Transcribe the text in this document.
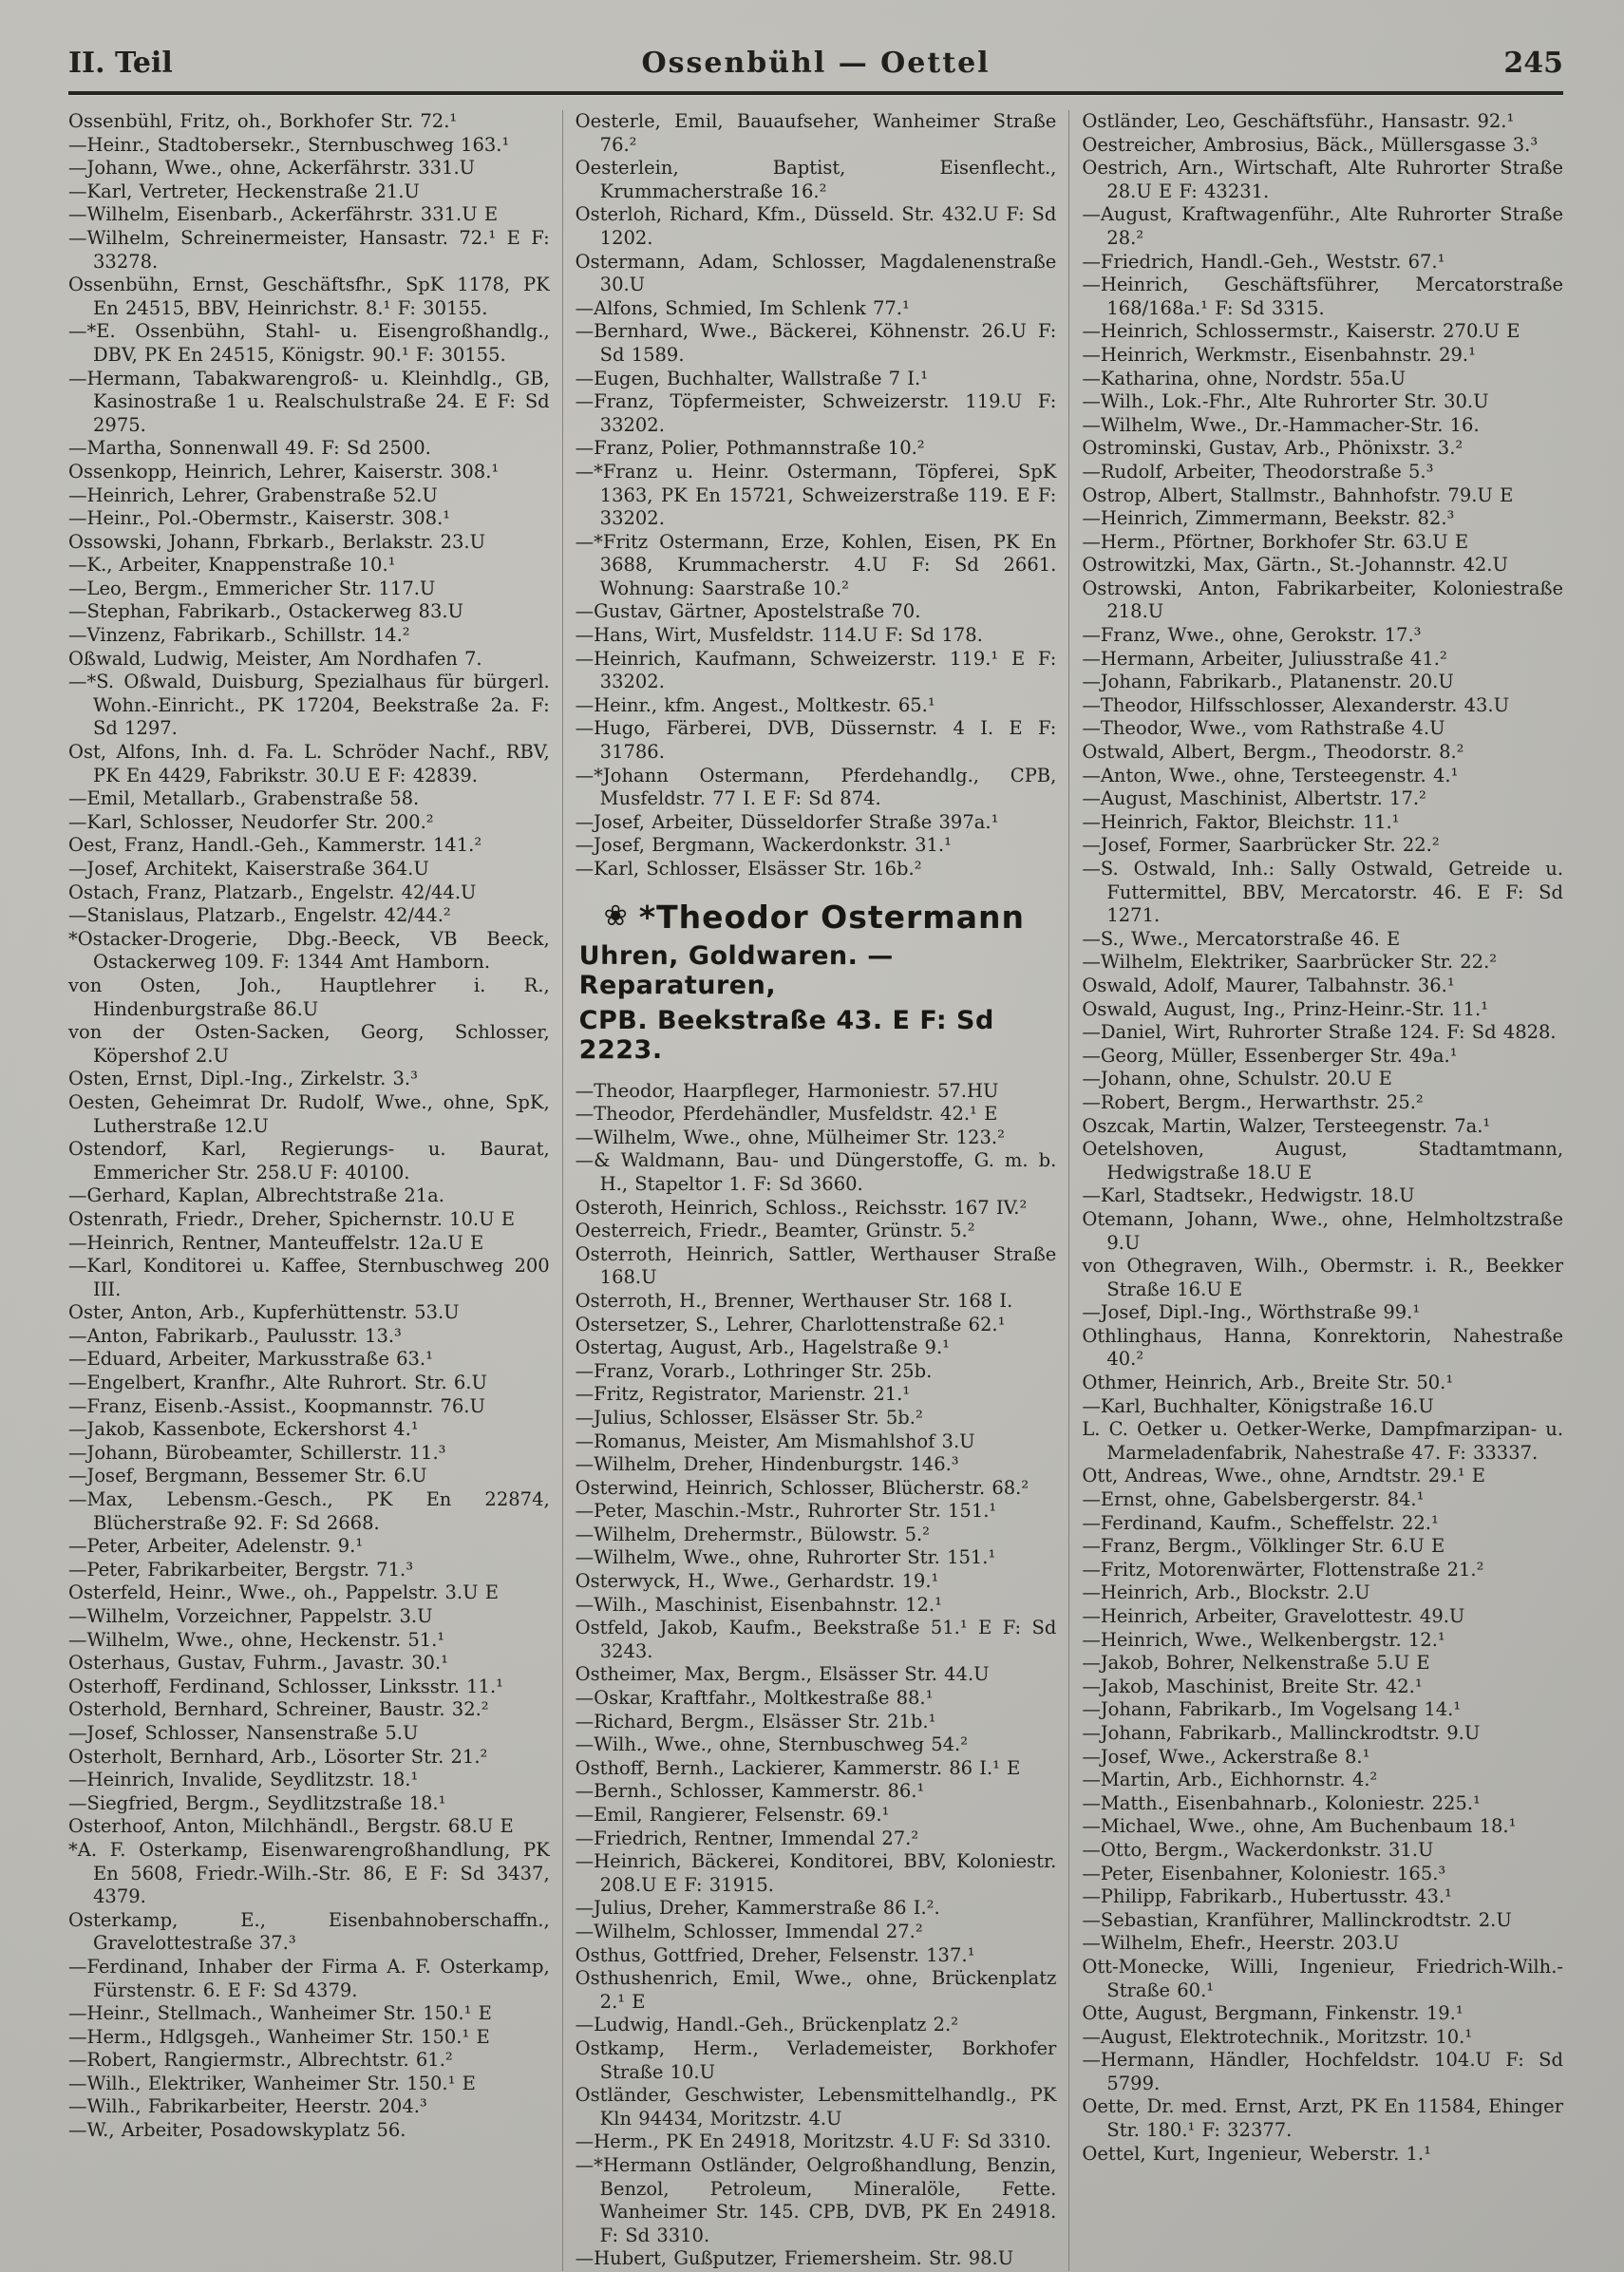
II. Teil	Ossenbühl — Oettel	245

Ossenbühl, Fritz, oh., Borkhofer Str. 72.¹

—Heinr., Stadtobersekr., Sternbuschweg 163.¹

—Johann, Wwe., ohne, Ackerfährstr. 331.U

—Karl, Vertreter, Heckenstraße 21.U

—Wilhelm, Eisenbarb., Ackerfährstr. 331.U E

—Wilhelm, Schreinermeister, Hansastr. 72.¹ E F: 33278.

Ossenbühn, Ernst, Geschäftsfhr., SpK 1178, PK En 24515, BBV, Heinrichstr. 8.¹ F: 30155.

—*E. Ossenbühn, Stahl- u. Eisengroßhandlg., DBV, PK En 24515, Königstr. 90.¹ F: 30155.

—Hermann, Tabakwarengroß- u. Kleinhdlg., GB, Kasinostraße 1 u. Realschulstraße 24. E F: Sd 2975.

—Martha, Sonnenwall 49. F: Sd 2500.

Ossenkopp, Heinrich, Lehrer, Kaiserstr. 308.¹

—Heinrich, Lehrer, Grabenstraße 52.U

—Heinr., Pol.-Obermstr., Kaiserstr. 308.¹

Ossowski, Johann, Fbrkarb., Berlakstr. 23.U

—K., Arbeiter, Knappenstraße 10.¹

—Leo, Bergm., Emmericher Str. 117.U

—Stephan, Fabrikarb., Ostackerweg 83.U

—Vinzenz, Fabrikarb., Schillstr. 14.²

Oßwald, Ludwig, Meister, Am Nordhafen 7.

—*S. Oßwald, Duisburg, Spezialhaus für bürgerl. Wohn.-Einricht., PK 17204, Beekstraße 2a. F: Sd 1297.

Ost, Alfons, Inh. d. Fa. L. Schröder Nachf., RBV, PK En 4429, Fabrikstr. 30.U E F: 42839.

—Emil, Metallarb., Grabenstraße 58.

—Karl, Schlosser, Neudorfer Str. 200.²

Oest, Franz, Handl.-Geh., Kammerstr. 141.²

—Josef, Architekt, Kaiserstraße 364.U

Ostach, Franz, Platzarb., Engelstr. 42/44.U

—Stanislaus, Platzarb., Engelstr. 42/44.²

*Ostacker-Drogerie, Dbg.-Beeck, VB Beeck, Ostackerweg 109. F: 1344 Amt Hamborn.

von Osten, Joh., Hauptlehrer i. R., Hindenburgstraße 86.U

von der Osten-Sacken, Georg, Schlosser, Köpershof 2.U

Osten, Ernst, Dipl.-Ing., Zirkelstr. 3.³

Oesten, Geheimrat Dr. Rudolf, Wwe., ohne, SpK, Lutherstraße 12.U

Ostendorf, Karl, Regierungs- u. Baurat, Emmericher Str. 258.U F: 40100.

—Gerhard, Kaplan, Albrechtstraße 21a.

Ostenrath, Friedr., Dreher, Spichernstr. 10.U E

—Heinrich, Rentner, Manteuffelstr. 12a.U E

—Karl, Konditorei u. Kaffee, Sternbuschweg 200 III.

Oster, Anton, Arb., Kupferhüttenstr. 53.U

—Anton, Fabrikarb., Paulusstr. 13.³

—Eduard, Arbeiter, Markusstraße 63.¹

—Engelbert, Kranfhr., Alte Ruhrort. Str. 6.U

—Franz, Eisenb.-Assist., Koopmannstr. 76.U

—Jakob, Kassenbote, Eckershorst 4.¹

—Johann, Bürobeamter, Schillerstr. 11.³

—Josef, Bergmann, Bessemer Str. 6.U

—Max, Lebensm.-Gesch., PK En 22874, Blücherstraße 92. F: Sd 2668.

—Peter, Arbeiter, Adelenstr. 9.¹

—Peter, Fabrikarbeiter, Bergstr. 71.³

Osterfeld, Heinr., Wwe., oh., Pappelstr. 3.U E

—Wilhelm, Vorzeichner, Pappelstr. 3.U

—Wilhelm, Wwe., ohne, Heckenstr. 51.¹

Osterhaus, Gustav, Fuhrm., Javastr. 30.¹

Osterhoff, Ferdinand, Schlosser, Linksstr. 11.¹

Osterhold, Bernhard, Schreiner, Baustr. 32.²

—Josef, Schlosser, Nansenstraße 5.U

Osterholt, Bernhard, Arb., Lösorter Str. 21.²

—Heinrich, Invalide, Seydlitzstr. 18.¹

—Siegfried, Bergm., Seydlitzstraße 18.¹

Osterhoof, Anton, Milchhändl., Bergstr. 68.U E

*A. F. Osterkamp, Eisenwarengroßhandlung, PK En 5608, Friedr.-Wilh.-Str. 86, E F: Sd 3437, 4379.

Osterkamp, E., Eisenbahnoberschaffn., Gravelottestraße 37.³

—Ferdinand, Inhaber der Firma A. F. Osterkamp, Fürstenstr. 6. E F: Sd 4379.

—Heinr., Stellmach., Wanheimer Str. 150.¹ E

—Herm., Hdlgsgeh., Wanheimer Str. 150.¹ E

—Robert, Rangiermstr., Albrechtstr. 61.²

—Wilh., Elektriker, Wanheimer Str. 150.¹ E

—Wilh., Fabrikarbeiter, Heerstr. 204.³

—W., Arbeiter, Posadowskyplatz 56.

Oesterle, Emil, Bauaufseher, Wanheimer Straße 76.²

Oesterlein, Baptist, Eisenflecht., Krummacherstraße 16.²

Osterloh, Richard, Kfm., Düsseld. Str. 432.U F: Sd 1202.

Ostermann, Adam, Schlosser, Magdalenenstraße 30.U

—Alfons, Schmied, Im Schlenk 77.¹

—Bernhard, Wwe., Bäckerei, Köhnenstr. 26.U F: Sd 1589.

—Eugen, Buchhalter, Wallstraße 7 I.¹

—Franz, Töpfermeister, Schweizerstr. 119.U F: 33202.

—Franz, Polier, Pothmannstraße 10.²

—*Franz u. Heinr. Ostermann, Töpferei, SpK 1363, PK En 15721, Schweizerstraße 119. E F: 33202.

—*Fritz Ostermann, Erze, Kohlen, Eisen, PK En 3688, Krummacherstr. 4.U F: Sd 2661. Wohnung: Saarstraße 10.²

—Gustav, Gärtner, Apostelstraße 70.

—Hans, Wirt, Musfeldstr. 114.U F: Sd 178.

—Heinrich, Kaufmann, Schweizerstr. 119.¹ E F: 33202.

—Heinr., kfm. Angest., Moltkestr. 65.¹

—Hugo, Färberei, DVB, Düssernstr. 4 I. E F: 31786.

—*Johann Ostermann, Pferdehandlg., CPB, Musfeldstr. 77 I. E F: Sd 874.

—Josef, Arbeiter, Düsseldorfer Straße 397a.¹

—Josef, Bergmann, Wackerdonkstr. 31.¹

—Karl, Schlosser, Elsässer Str. 16b.²

❀ *Theodor Ostermann
Uhren, Goldwaren. — Reparaturen,
CPB. Beekstraße 43. E F: Sd 2223.

—Theodor, Haarpfleger, Harmoniestr. 57.HU

—Theodor, Pferdehändler, Musfeldstr. 42.¹ E

—Wilhelm, Wwe., ohne, Mülheimer Str. 123.²

—& Waldmann, Bau- und Düngerstoffe, G. m. b. H., Stapeltor 1. F: Sd 3660.

Osteroth, Heinrich, Schloss., Reichsstr. 167 IV.²

Oesterreich, Friedr., Beamter, Grünstr. 5.²

Osterroth, Heinrich, Sattler, Werthauser Straße 168.U

Osterroth, H., Brenner, Werthauser Str. 168 I.

Ostersetzer, S., Lehrer, Charlottenstraße 62.¹

Ostertag, August, Arb., Hagelstraße 9.¹

—Franz, Vorarb., Lothringer Str. 25b.

—Fritz, Registrator, Marienstr. 21.¹

—Julius, Schlosser, Elsässer Str. 5b.²

—Romanus, Meister, Am Mismahlshof 3.U

—Wilhelm, Dreher, Hindenburgstr. 146.³

Osterwind, Heinrich, Schlosser, Blücherstr. 68.²

—Peter, Maschin.-Mstr., Ruhrorter Str. 151.¹

—Wilhelm, Drehermstr., Bülowstr. 5.²

—Wilhelm, Wwe., ohne, Ruhrorter Str. 151.¹

Osterwyck, H., Wwe., Gerhardstr. 19.¹

—Wilh., Maschinist, Eisenbahnstr. 12.¹

Ostfeld, Jakob, Kaufm., Beekstraße 51.¹ E F: Sd 3243.

Ostheimer, Max, Bergm., Elsässer Str. 44.U

—Oskar, Kraftfahr., Moltkestraße 88.¹

—Richard, Bergm., Elsässer Str. 21b.¹

—Wilh., Wwe., ohne, Sternbuschweg 54.²

Osthoff, Bernh., Lackierer, Kammerstr. 86 I.¹ E

—Bernh., Schlosser, Kammerstr. 86.¹

—Emil, Rangierer, Felsenstr. 69.¹

—Friedrich, Rentner, Immendal 27.²

—Heinrich, Bäckerei, Konditorei, BBV, Koloniestr. 208.U E F: 31915.

—Julius, Dreher, Kammerstraße 86 I.².

—Wilhelm, Schlosser, Immendal 27.²

Osthus, Gottfried, Dreher, Felsenstr. 137.¹

Osthushenrich, Emil, Wwe., ohne, Brückenplatz 2.¹ E

—Ludwig, Handl.-Geh., Brückenplatz 2.²

Ostkamp, Herm., Verlademeister, Borkhofer Straße 10.U

Ostländer, Geschwister, Lebensmittelhandlg., PK Kln 94434, Moritzstr. 4.U

—Herm., PK En 24918, Moritzstr. 4.U F: Sd 3310.

—*Hermann Ostländer, Oelgroßhandlung, Benzin, Benzol, Petroleum, Mineralöle, Fette. Wanheimer Str. 145. CPB, DVB, PK En 24918. F: Sd 3310.

—Hubert, Gußputzer, Friemersheim. Str. 98.U

Ostländer, Leo, Geschäftsführ., Hansastr. 92.¹

Oestreicher, Ambrosius, Bäck., Müllersgasse 3.³

Oestrich, Arn., Wirtschaft, Alte Ruhrorter Straße 28.U E F: 43231.

—August, Kraftwagenführ., Alte Ruhrorter Straße 28.²

—Friedrich, Handl.-Geh., Weststr. 67.¹

—Heinrich, Geschäftsführer, Mercatorstraße 168/168a.¹ F: Sd 3315.

—Heinrich, Schlossermstr., Kaiserstr. 270.U E

—Heinrich, Werkmstr., Eisenbahnstr. 29.¹

—Katharina, ohne, Nordstr. 55a.U

—Wilh., Lok.-Fhr., Alte Ruhrorter Str. 30.U

—Wilhelm, Wwe., Dr.-Hammacher-Str. 16.

Ostrominski, Gustav, Arb., Phönixstr. 3.²

—Rudolf, Arbeiter, Theodorstraße 5.³

Ostrop, Albert, Stallmstr., Bahnhofstr. 79.U E

—Heinrich, Zimmermann, Beekstr. 82.³

—Herm., Pförtner, Borkhofer Str. 63.U E

Ostrowitzki, Max, Gärtn., St.-Johannstr. 42.U

Ostrowski, Anton, Fabrikarbeiter, Koloniestraße 218.U

—Franz, Wwe., ohne, Gerokstr. 17.³

—Hermann, Arbeiter, Juliusstraße 41.²

—Johann, Fabrikarb., Platanenstr. 20.U

—Theodor, Hilfsschlosser, Alexanderstr. 43.U

—Theodor, Wwe., vom Rathstraße 4.U

Ostwald, Albert, Bergm., Theodorstr. 8.²

—Anton, Wwe., ohne, Tersteegenstr. 4.¹

—August, Maschinist, Albertstr. 17.²

—Heinrich, Faktor, Bleichstr. 11.¹

—Josef, Former, Saarbrücker Str. 22.²

—S. Ostwald, Inh.: Sally Ostwald, Getreide u. Futtermittel, BBV, Mercatorstr. 46. E F: Sd 1271.

—S., Wwe., Mercatorstraße 46. E

—Wilhelm, Elektriker, Saarbrücker Str. 22.²

Oswald, Adolf, Maurer, Talbahnstr. 36.¹

Oswald, August, Ing., Prinz-Heinr.-Str. 11.¹

—Daniel, Wirt, Ruhrorter Straße 124. F: Sd 4828.

—Georg, Müller, Essenberger Str. 49a.¹

—Johann, ohne, Schulstr. 20.U E

—Robert, Bergm., Herwarthstr. 25.²

Oszcak, Martin, Walzer, Tersteegenstr. 7a.¹

Oetelshoven, August, Stadtamtmann, Hedwigstraße 18.U E

—Karl, Stadtsekr., Hedwigstr. 18.U

Otemann, Johann, Wwe., ohne, Helmholtzstraße 9.U

von Othegraven, Wilh., Obermstr. i. R., Beekker Straße 16.U E

—Josef, Dipl.-Ing., Wörthstraße 99.¹

Othlinghaus, Hanna, Konrektorin, Nahestraße 40.²

Othmer, Heinrich, Arb., Breite Str. 50.¹

—Karl, Buchhalter, Königstraße 16.U

L. C. Oetker u. Oetker-Werke, Dampfmarzipan- u. Marmeladenfabrik, Nahestraße 47. F: 33337.

Ott, Andreas, Wwe., ohne, Arndtstr. 29.¹ E

—Ernst, ohne, Gabelsbergerstr. 84.¹

—Ferdinand, Kaufm., Scheffelstr. 22.¹

—Franz, Bergm., Völklinger Str. 6.U E

—Fritz, Motorenwärter, Flottenstraße 21.²

—Heinrich, Arb., Blockstr. 2.U

—Heinrich, Arbeiter, Gravelottestr. 49.U

—Heinrich, Wwe., Welkenbergstr. 12.¹

—Jakob, Bohrer, Nelkenstraße 5.U E

—Jakob, Maschinist, Breite Str. 42.¹

—Johann, Fabrikarb., Im Vogelsang 14.¹

—Johann, Fabrikarb., Mallinckrodtstr. 9.U

—Josef, Wwe., Ackerstraße 8.¹

—Martin, Arb., Eichhornstr. 4.²

—Matth., Eisenbahnarb., Koloniestr. 225.¹

—Michael, Wwe., ohne, Am Buchenbaum 18.¹

—Otto, Bergm., Wackerdonkstr. 31.U

—Peter, Eisenbahner, Koloniestr. 165.³

—Philipp, Fabrikarb., Hubertusstr. 43.¹

—Sebastian, Kranführer, Mallinckrodtstr. 2.U

—Wilhelm, Ehefr., Heerstr. 203.U

Ott-Monecke, Willi, Ingenieur, Friedrich-Wilh.-Straße 60.¹

Otte, August, Bergmann, Finkenstr. 19.¹

—August, Elektrotechnik., Moritzstr. 10.¹

—Hermann, Händler, Hochfeldstr. 104.U F: Sd 5799.

Oette, Dr. med. Ernst, Arzt, PK En 11584, Ehinger Str. 180.¹ F: 32377.

Oettel, Kurt, Ingenieur, Weberstr. 1.¹
